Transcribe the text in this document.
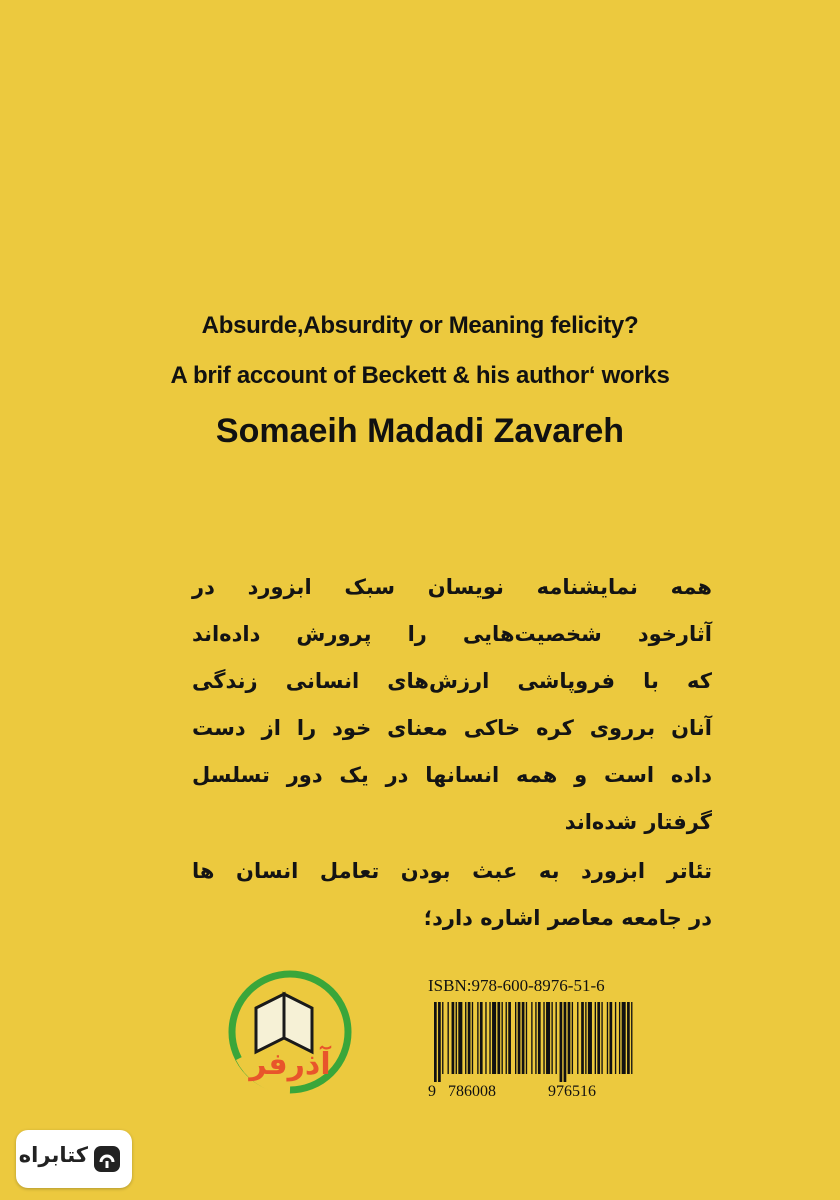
Absurde,Absurdity or Meaning felicity?
A brif account of Beckett & his author‘ works
Somaeih Madadi Zavareh
همه نمایشنامه نویسان سبک ابزورد در
آثارخود شخصیت‌هایی را پرورش داده‌اند
که با فروپاشی ارزش‌های انسانی زندگی
آنان برروی کره خاکی معنای خود را از دست
داده است و همه انسانها در یک دور تسلسل
گرفتار شده‌اند
تئاتر ابزورد به عبث بودن تعامل انسان ها
در جامعه معاصر اشاره دارد؛
آذرفر
ISBN:978-600-8976-51-6
9 786008	976516
کتابراه
